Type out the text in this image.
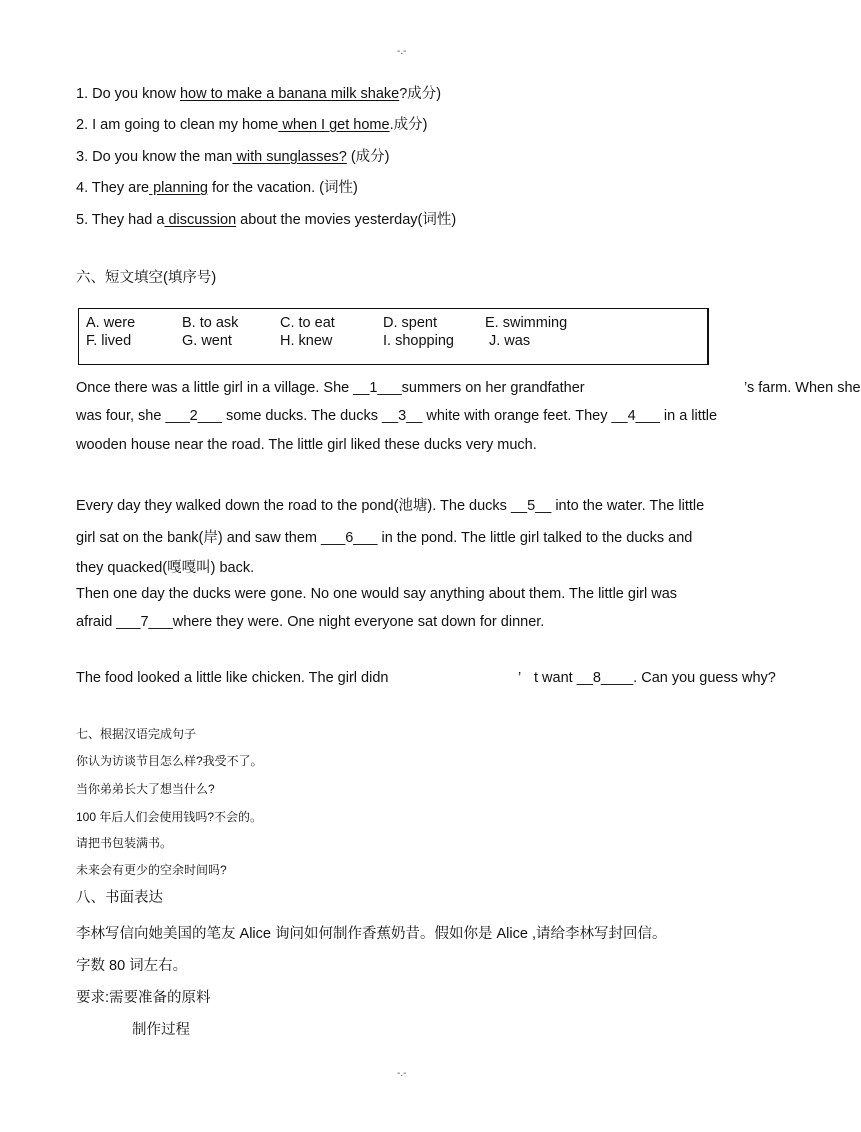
-.-
1. Do you know how to make a banana milk shake?成分)
2. I am going to clean my home when I get home.成分)
3. Do you know the man with sunglasses? (成分)
4. They are planning for the vacation. (词性)
5. They had a discussion about the movies yesterday(词性)
六、短文填空(填序号)
A. were	B. to ask	C. to eat	D. spent	E. swimming
F. lived	G. went	H. knew	I. shopping J. was
Once there was a little girl in a village. She __1___summers on her grandfather	’s farm. When she
was four, she ___2___ some ducks. The ducks __3__ white with orange feet. They __4___ in a little
wooden house near the road. The little girl liked these ducks very much.
Every day they walked down the road to the pond(池塘). The ducks __5__ into the water. The little
girl sat on the bank(岸) and saw them ___6___ in the pond. The little girl talked to the ducks and
they quacked(嘎嘎叫) back.
Then one day the ducks were gone. No one would say anything about them. The little girl was
afraid ___7___where they were. One night everyone sat down for dinner.
The food looked a little like chicken. The girl didn	’ t want __8____. Can you guess why?
七、根据汉语完成句子
你认为访谈节目怎么样?我受不了。
当你弟弟长大了想当什么?
100 年后人们会使用钱吗?不会的。
请把书包装满书。
未来会有更少的空余时间吗?
八、书面表达
李林写信向她美国的笔友 Alice 询问如何制作香蕉奶昔。假如你是 Alice ,请给李林写封回信。
字数 80 词左右。
要求:需要准备的原料
制作过程
-.-
